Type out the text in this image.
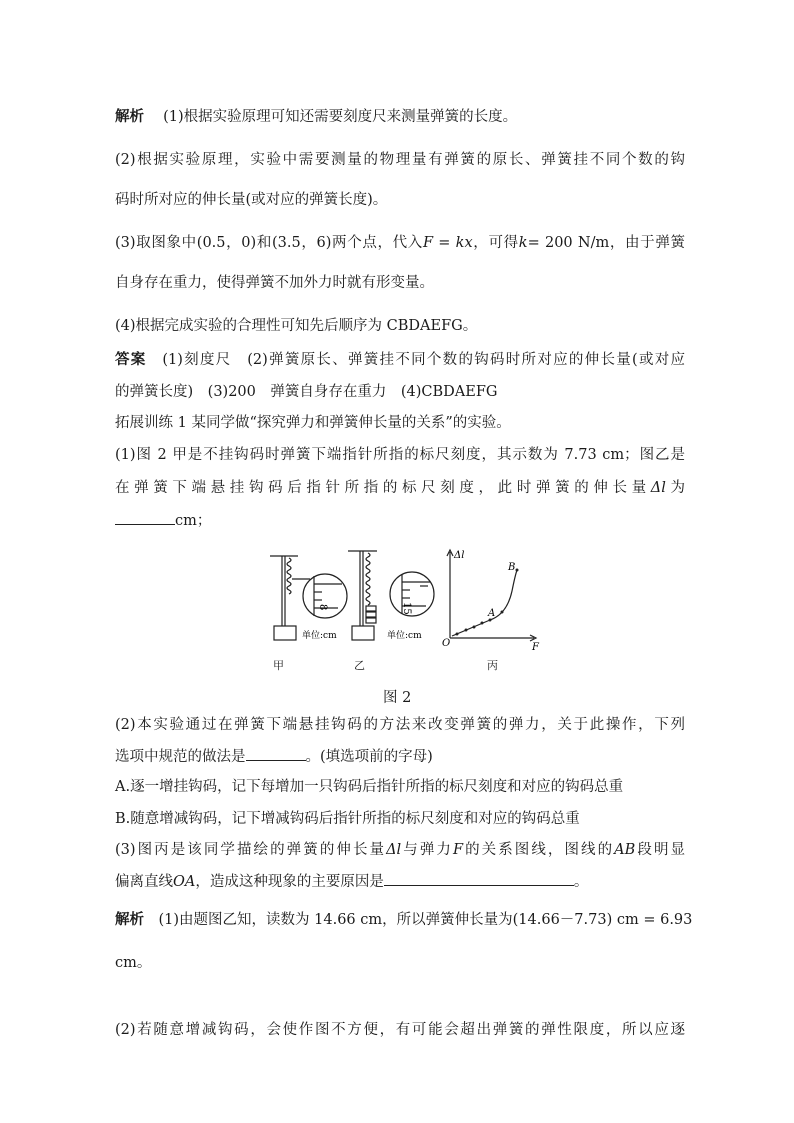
解析　 (1)根据实验原理可知还需要刻度尺来测量弹簧的长度。
(2)根据实验原理，实验中需要测量的物理量有弹簧的原长、弹簧挂不同个数的钩
码时所对应的伸长量(或对应的弹簧长度)。
(3)取图象中(0.5，0)和(3.5，6)两个点，代入F = kx，可得k= 200 N/m，由于弹簧
自身存在重力，使得弹簧不加外力时就有形变量。
(4)根据完成实验的合理性可知先后顺序为 CBDAEFG。
答案　 (1)刻度尺　(2)弹簧原长、弹簧挂不同个数的钩码时所对应的伸长量(或对应
的弹簧长度)　(3)200　弹簧自身存在重力　(4)CBDAEFG
拓展训练 1 某同学做“探究弹力和弹簧伸长量的关系”的实验。
(1)图 2 甲是不挂钩码时弹簧下端指针所指的标尺刻度，其示数为 7.73 cm；图乙是
在弹簧下端悬挂钩码后指针所指的标尺刻度，此时弹簧的伸长量Δl为
cm；
8	15
单位:cm	单位:cm
Δl
F
O
A
B
甲	乙	丙
图 2
(2)本实验通过在弹簧下端悬挂钩码的方法来改变弹簧的弹力，关于此操作，下列
选项中规范的做法是	。(填选项前的字母)
A.逐一增挂钩码，记下每增加一只钩码后指针所指的标尺刻度和对应的钩码总重
B.随意增减钩码，记下增减钩码后指针所指的标尺刻度和对应的钩码总重
(3)图丙是该同学描绘的弹簧的伸长量Δl与弹力F的关系图线，图线的AB段明显
偏离直线OA，造成这种现象的主要原因是	。
解析　 (1)由题图乙知，读数为 14.66 cm，所以弹簧伸长量为(14.66－7.73) cm = 6.93
cm。
(2)若随意增减钩码，会使作图不方便，有可能会超出弹簧的弹性限度，所以应逐
